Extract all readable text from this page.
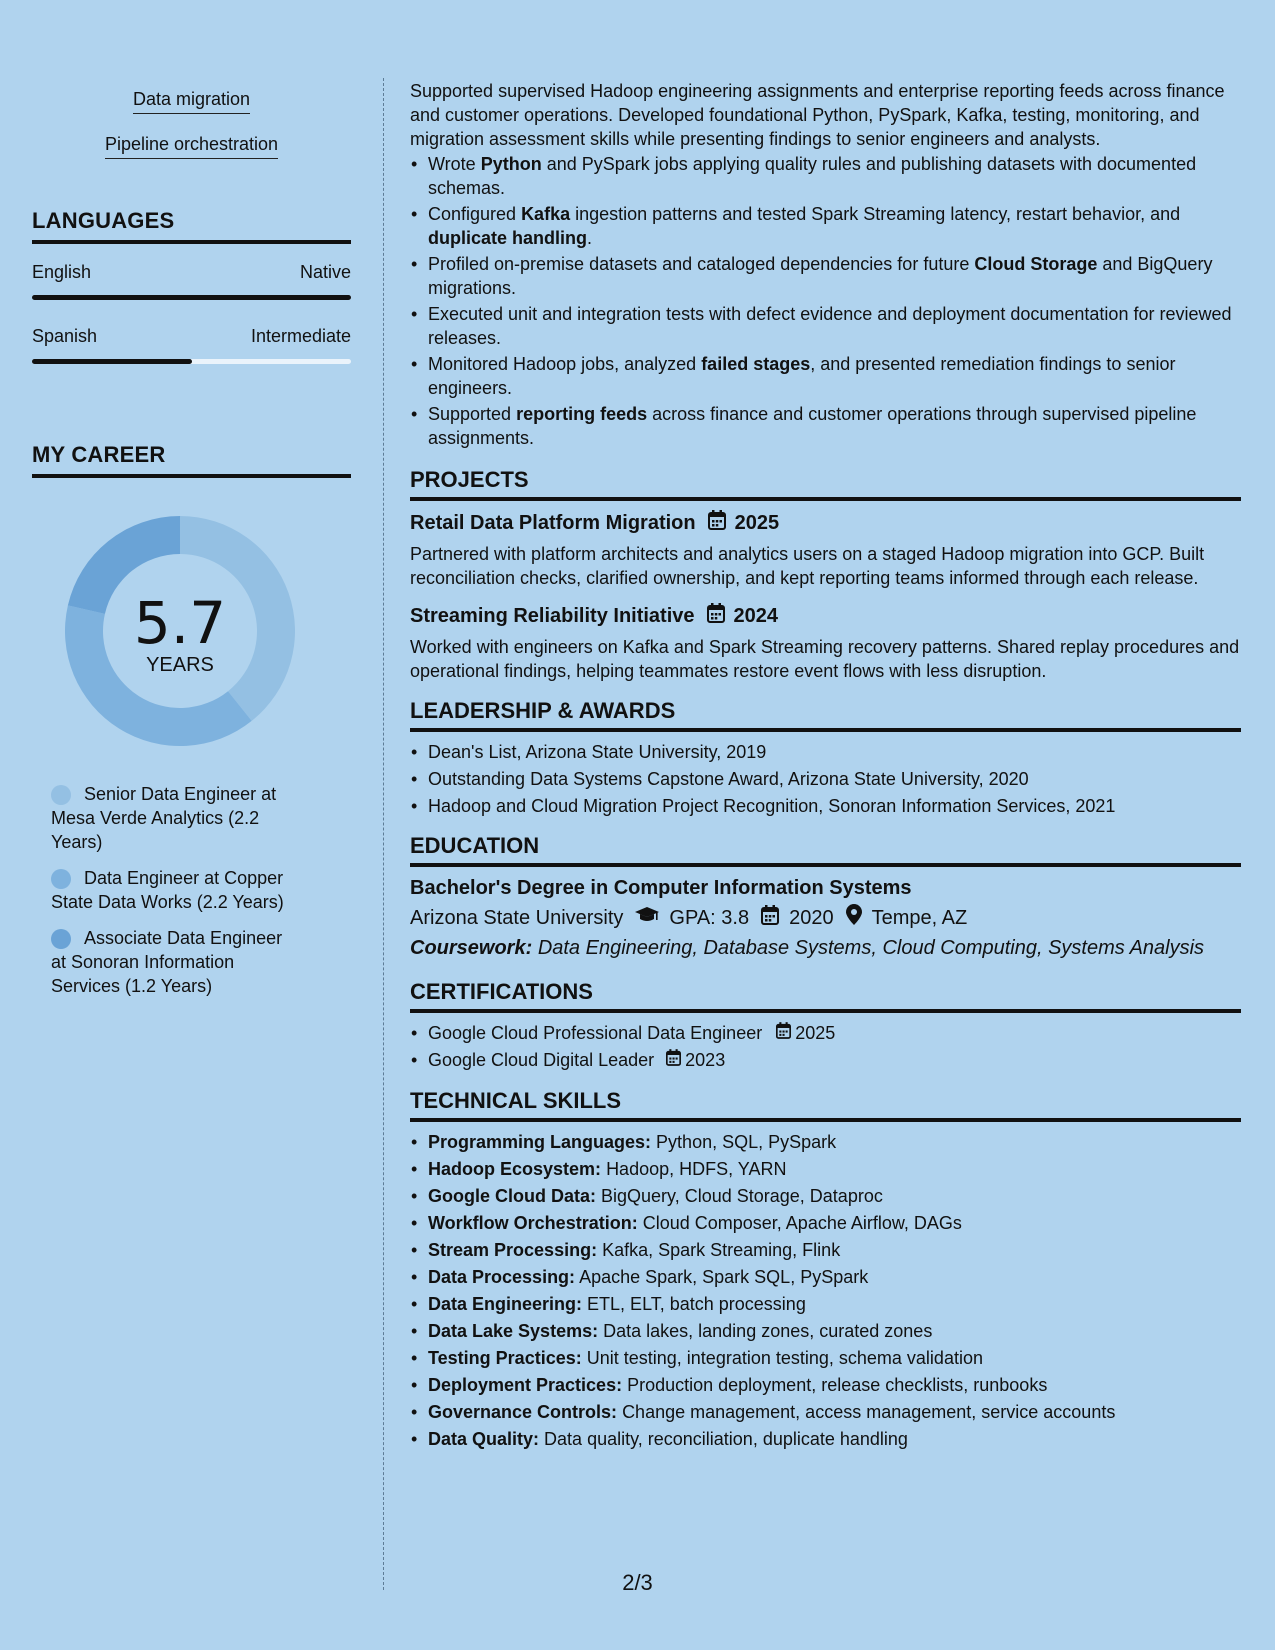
Data migration
Pipeline orchestration
LANGUAGES
English	Native
Spanish	Intermediate
MY CAREER
5.7
YEARS
Senior Data Engineer at Mesa Verde Analytics (2.2 Years)
Data Engineer at Copper State Data Works (2.2 Years)
Associate Data Engineer at Sonoran Information Services (1.2 Years)

Supported supervised Hadoop engineering assignments and enterprise reporting feeds across finance and customer operations. Developed foundational Python, PySpark, Kafka, testing, monitoring, and migration assessment skills while presenting findings to senior engineers and analysts.

• Wrote Python and PySpark jobs applying quality rules and publishing datasets with documented schemas.
• Configured Kafka ingestion patterns and tested Spark Streaming latency, restart behavior, and duplicate handling.
• Profiled on-premise datasets and cataloged dependencies for future Cloud Storage and BigQuery migrations.
• Executed unit and integration tests with defect evidence and deployment documentation for reviewed releases.
• Monitored Hadoop jobs, analyzed failed stages, and presented remediation findings to senior engineers.
• Supported reporting feeds across finance and customer operations through supervised pipeline assignments.
PROJECTS
Retail Data Platform Migration 2025

Partnered with platform architects and analytics users on a staged Hadoop migration into GCP. Built reconciliation checks, clarified ownership, and kept reporting teams informed through each release.

Streaming Reliability Initiative 2024

Worked with engineers on Kafka and Spark Streaming recovery patterns. Shared replay procedures and operational findings, helping teammates restore event flows with less disruption.

LEADERSHIP & AWARDS
• Dean's List, Arizona State University, 2019
• Outstanding Data Systems Capstone Award, Arizona State University, 2020
• Hadoop and Cloud Migration Project Recognition, Sonoran Information Services, 2021
EDUCATION
Bachelor's Degree in Computer Information Systems
Arizona State University GPA: 3.8 2020 Tempe, AZ
Coursework: Data Engineering, Database Systems, Cloud Computing, Systems Analysis
CERTIFICATIONS
• Google Cloud Professional Data Engineer 2025
• Google Cloud Digital Leader 2023
TECHNICAL SKILLS
• Programming Languages: Python, SQL, PySpark
• Hadoop Ecosystem: Hadoop, HDFS, YARN
• Google Cloud Data: BigQuery, Cloud Storage, Dataproc
• Workflow Orchestration: Cloud Composer, Apache Airflow, DAGs
• Stream Processing: Kafka, Spark Streaming, Flink
• Data Processing: Apache Spark, Spark SQL, PySpark
• Data Engineering: ETL, ELT, batch processing
• Data Lake Systems: Data lakes, landing zones, curated zones
• Testing Practices: Unit testing, integration testing, schema validation
• Deployment Practices: Production deployment, release checklists, runbooks
• Governance Controls: Change management, access management, service accounts
• Data Quality: Data quality, reconciliation, duplicate handling
2/3
